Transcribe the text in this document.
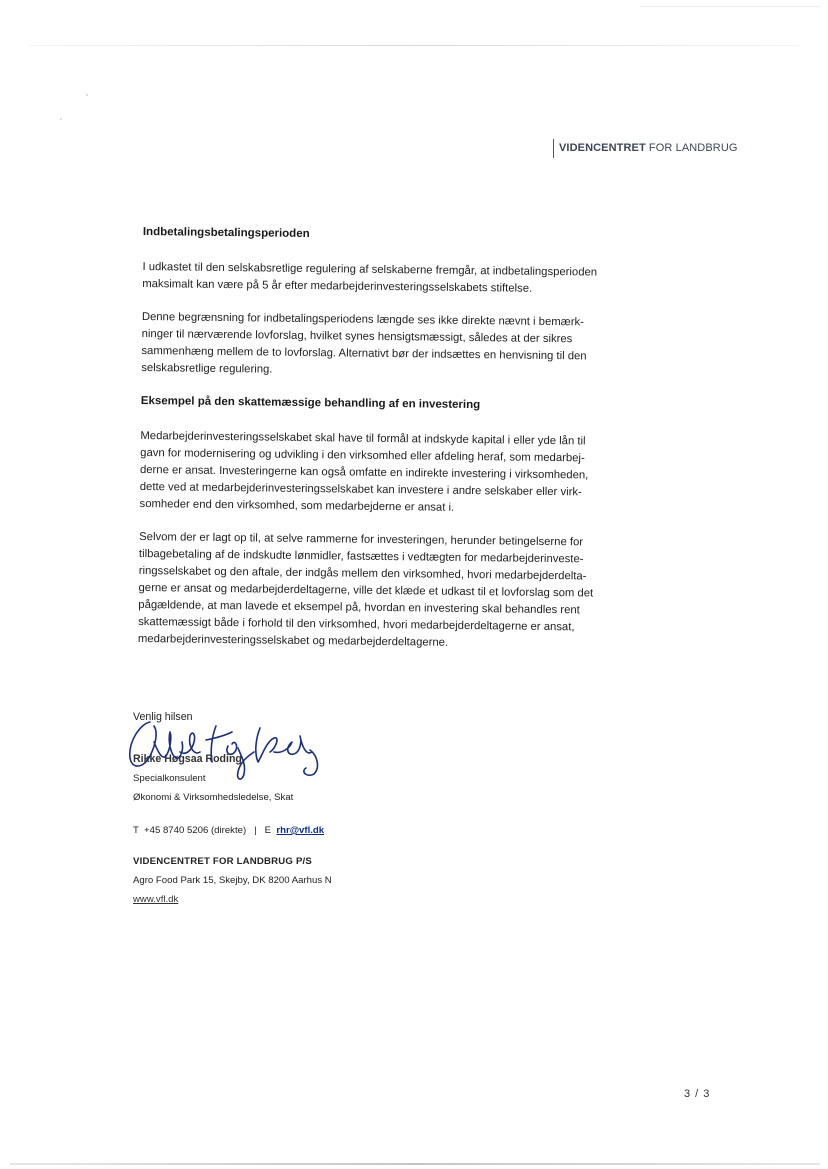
VIDENCENTRET FOR LANDBRUG
Indbetalingsbetalingsperioden

I udkastet til den selskabsretlige regulering af selskaberne fremgår, at indbetalingsperioden
maksimalt kan være på 5 år efter medarbejderinvesteringsselskabets stiftelse.

Denne begrænsning for indbetalingsperiodens længde ses ikke direkte nævnt i bemærk-
ninger til nærværende lovforslag, hvilket synes hensigtsmæssigt, således at der sikres
sammenhæng mellem de to lovforslag. Alternativt bør der indsættes en henvisning til den
selskabsretlige regulering.

Eksempel på den skattemæssige behandling af en investering

Medarbejderinvesteringsselskabet skal have til formål at indskyde kapital i eller yde lån til
gavn for modernisering og udvikling i den virksomhed eller afdeling heraf, som medarbej-
derne er ansat. Investeringerne kan også omfatte en indirekte investering i virksomheden,
dette ved at medarbejderinvesteringsselskabet kan investere i andre selskaber eller virk-
somheder end den virksomhed, som medarbejderne er ansat i.

Selvom der er lagt op til, at selve rammerne for investeringen, herunder betingelserne for
tilbagebetaling af de indskudte lønmidler, fastsættes i vedtægten for medarbejderinveste-
ringsselskabet og den aftale, der indgås mellem den virksomhed, hvori medarbejderdelta-
gerne er ansat og medarbejderdeltagerne, ville det klæde et udkast til et lovforslag som det
pågældende, at man lavede et eksempel på, hvordan en investering skal behandles rent
skattemæssigt både i forhold til den virksomhed, hvori medarbejderdeltagerne er ansat,
medarbejderinvesteringsselskabet og medarbejderdeltagerne.

Venlig hilsen
Rikke Høgsaa Roding
Specialkonsulent
Økonomi & Virksomhedsledelse, Skat
T  +45 8740 5206 (direkte)   |   E  rhr@vfl.dk
VIDENCENTRET FOR LANDBRUG P/S
Agro Food Park 15, Skejby, DK 8200 Aarhus N
www.vfl.dk
3 / 3
